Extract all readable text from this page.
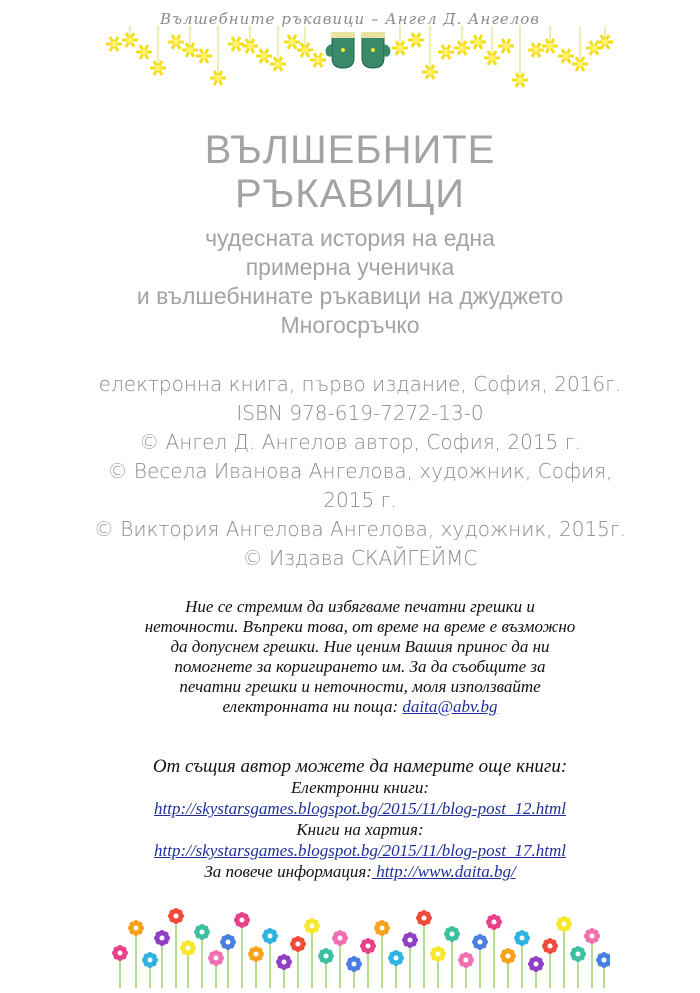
Вълшебните ръкавици – Ангел Д. Ангелов
ВЪЛШЕБНИТЕ
РЪКАВИЦИ
чудесната история на една
примерна ученичка
и вълшебнинате ръкавици на джуджето
Многосръчко
електронна книга, първо издание, София, 2016г.
ISBN 978-619-7272-13-0
© Ангел Д. Ангелов автор, София, 2015 г.
© Весела Иванова Ангелова, художник, София,
2015 г.
© Виктория Ангелова Ангелова, художник, 2015г.
© Издава СКАЙГЕЙМС
Ние се стремим да избягваме печатни грешки и
неточности. Въпреки това, от време на време е възможно
да допуснем грешки. Ние ценим Вашия принос да ни
помогнете за коригирането им. За да съобщите за
печатни грешки и неточности, моля използвайте
електронната ни поща: daita@abv.bg
От същия автор можете да намерите още книги:
Електронни книги:
http://skystarsgames.blogspot.bg/2015/11/blog-post_12.html
Книги на хартия:
http://skystarsgames.blogspot.bg/2015/11/blog-post_17.html
За повече информация: http://www.daita.bg/
